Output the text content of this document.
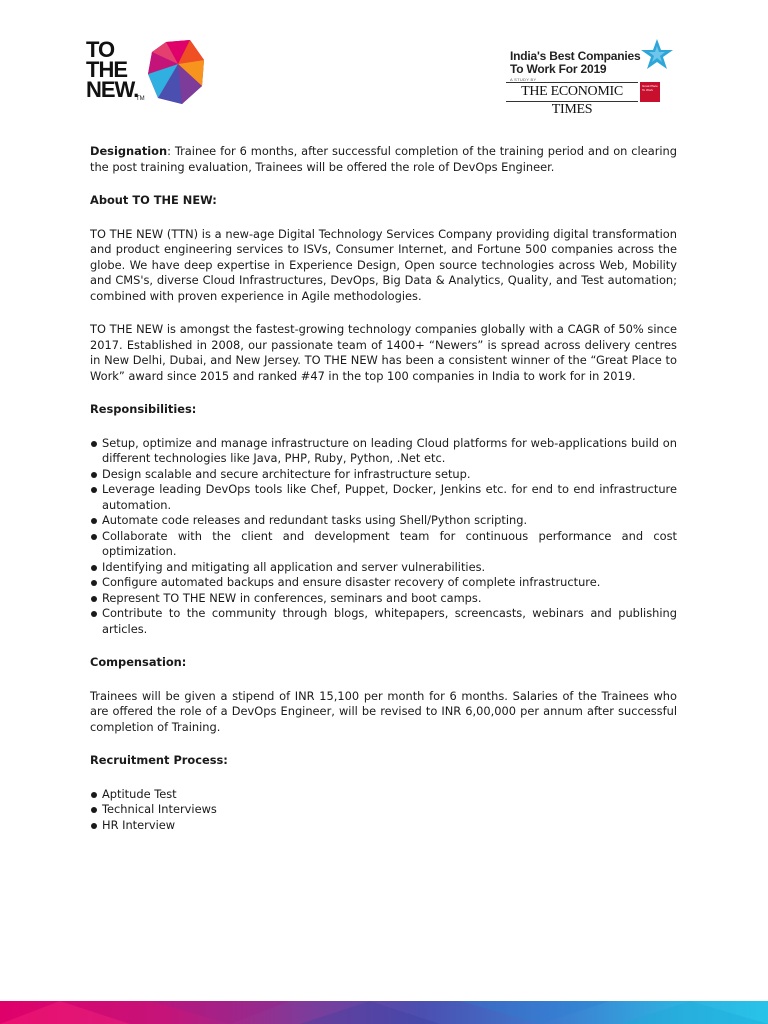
TO
THE
NEW.
TM
India's Best Companies
To Work For 2019
A STUDY BY
THE ECONOMIC TIMES
Great Place To Work

Designation: Trainee for 6 months, after successful completion of the training period and on clearing the post training evaluation, Trainees will be offered the role of DevOps Engineer.

About TO THE NEW:

TO THE NEW (TTN) is a new-age Digital Technology Services Company providing digital transformation and product engineering services to ISVs, Consumer Internet, and Fortune 500 companies across the globe. We have deep expertise in Experience Design, Open source technologies across Web, Mobility and CMS's, diverse Cloud Infrastructures, DevOps, Big Data & Analytics, Quality, and Test automation; combined with proven experience in Agile methodologies.

TO THE NEW is amongst the fastest-growing technology companies globally with a CAGR of 50% since 2017. Established in 2008, our passionate team of 1400+ “Newers” is spread across delivery centres in New Delhi, Dubai, and New Jersey. TO THE NEW has been a consistent winner of the “Great Place to Work” award since 2015 and ranked #47 in the top 100 companies in India to work for in 2019.

Responsibilities:

Setup, optimize and manage infrastructure on leading Cloud platforms for web-applications build on different technologies like Java, PHP, Ruby, Python, .Net etc.
Design scalable and secure architecture for infrastructure setup.
Leverage leading DevOps tools like Chef, Puppet, Docker, Jenkins etc. for end to end infrastructure automation.
Automate code releases and redundant tasks using Shell/Python scripting.
Collaborate with the client and development team for continuous performance and cost optimization.
Identifying and mitigating all application and server vulnerabilities.
Configure automated backups and ensure disaster recovery of complete infrastructure.
Represent TO THE NEW in conferences, seminars and boot camps.
Contribute to the community through blogs, whitepapers, screencasts, webinars and publishing articles.

Compensation:

Trainees will be given a stipend of INR 15,100 per month for 6 months. Salaries of the Trainees who are offered the role of a DevOps Engineer, will be revised to INR 6,00,000 per annum after successful completion of Training.

Recruitment Process:

Aptitude Test
Technical Interviews
HR Interview
